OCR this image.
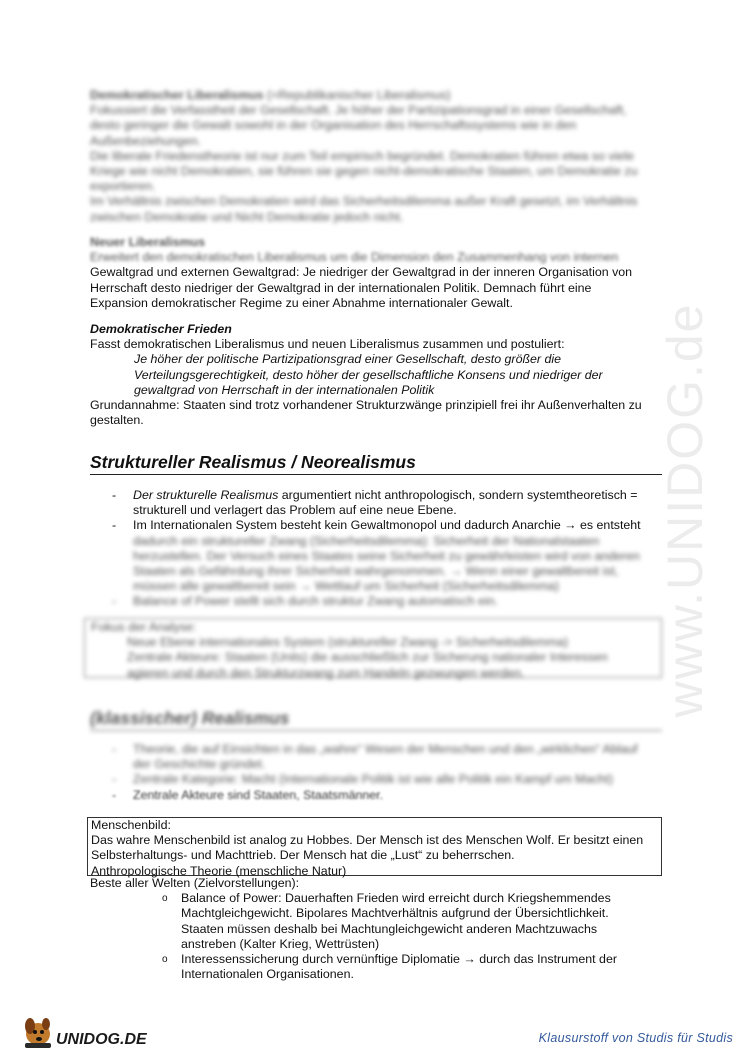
www.UNIDOG.de
Demokratischer Liberalismus (=Republikanischer Liberalismus)
Fokussiert die Verfasstheit der Gesellschaft. Je höher der Partizipationsgrad in einer Gesellschaft,
desto geringer die Gewalt sowohl in der Organisation des Herrschaftssystems wie in den
Außenbeziehungen.
Die liberale Friedenstheorie ist nur zum Teil empirisch begründet. Demokratien führen etwa so viele
Kriege wie nicht Demokratien, sie führen sie gegen nicht-demokratische Staaten, um Demokratie zu
exportieren.
Im Verhältnis zwischen Demokratien wird das Sicherheitsdilemma außer Kraft gesetzt, im Verhältnis
zwischen Demokratie und Nicht Demokratie jedoch nicht.
Neuer Liberalismus
Erweitert den demokratischen Liberalismus um die Dimension den Zusammenhang von internen
Gewaltgrad und externen Gewaltgrad: Je niedriger der Gewaltgrad in der inneren Organisation von
Herrschaft desto niedriger der Gewaltgrad in der internationalen Politik. Demnach führt eine
Expansion demokratischer Regime zu einer Abnahme internationaler Gewalt.
Demokratischer Frieden
Fasst demokratischen Liberalismus und neuen Liberalismus zusammen und postuliert:
Je höher der politische Partizipationsgrad einer Gesellschaft, desto größer die
Verteilungsgerechtigkeit, desto höher der gesellschaftliche Konsens und niedriger der
gewaltgrad von Herrschaft in der internationalen Politik
Grundannahme: Staaten sind trotz vorhandener Strukturzwänge prinzipiell frei ihr Außenverhalten zu
gestalten.
Struktureller Realismus / Neorealismus
- Der strukturelle Realismus argumentiert nicht anthropologisch, sondern systemtheoretisch =
strukturell und verlagert das Problem auf eine neue Ebene.
- Im Internationalen System besteht kein Gewaltmonopol und dadurch Anarchie → es entsteht
dadurch ein struktureller Zwang (Sicherheitsdilemma): Sicherheit der Nationalstaaten
herzustellen. Der Versuch eines Staates seine Sicherheit zu gewährleisten wird von anderen
Staaten als Gefährdung ihrer Sicherheit wahrgenommen. → Wenn einer gewaltbereit ist,
müssen alle gewaltbereit sein → Wettlauf um Sicherheit (Sicherheitsdilemma)
- Balance of Power stellt sich durch struktur Zwang automatisch ein.
Fokus der Analyse:
Neue Ebene internationales System (struktureller Zwang -> Sicherheitsdilemma)
Zentrale Akteure: Staaten (Units) die ausschließlich zur Sicherung nationaler Interessen
agieren und durch den Strukturzwang zum Handeln gezwungen werden.
(klassischer) Realismus
- Theorie, die auf Einsichten in das „wahre“ Wesen der Menschen und den „wirklichen“ Ablauf
der Geschichte gründet.
- Zentrale Kategorie: Macht (Internationale Politik ist wie alle Politik ein Kampf um Macht)
- Zentrale Akteure sind Staaten, Staatsmänner.
Menschenbild:
Das wahre Menschenbild ist analog zu Hobbes. Der Mensch ist des Menschen Wolf. Er besitzt einen
Selbsterhaltungs- und Machttrieb. Der Mensch hat die „Lust“ zu beherrschen.
Anthropologische Theorie (menschliche Natur)
Beste aller Welten (Zielvorstellungen):
o Balance of Power: Dauerhaften Frieden wird erreicht durch Kriegshemmendes
Machtgleichgewicht. Bipolares Machtverhältnis aufgrund der Übersichtlichkeit.
Staaten müssen deshalb bei Machtungleichgewicht anderen Machtzuwachs
anstreben (Kalter Krieg, Wettrüsten)
o Interessenssicherung durch vernünftige Diplomatie → durch das Instrument der
Internationalen Organisationen.
UNIDOG.DE	Klausurstoff von Studis für Studis
